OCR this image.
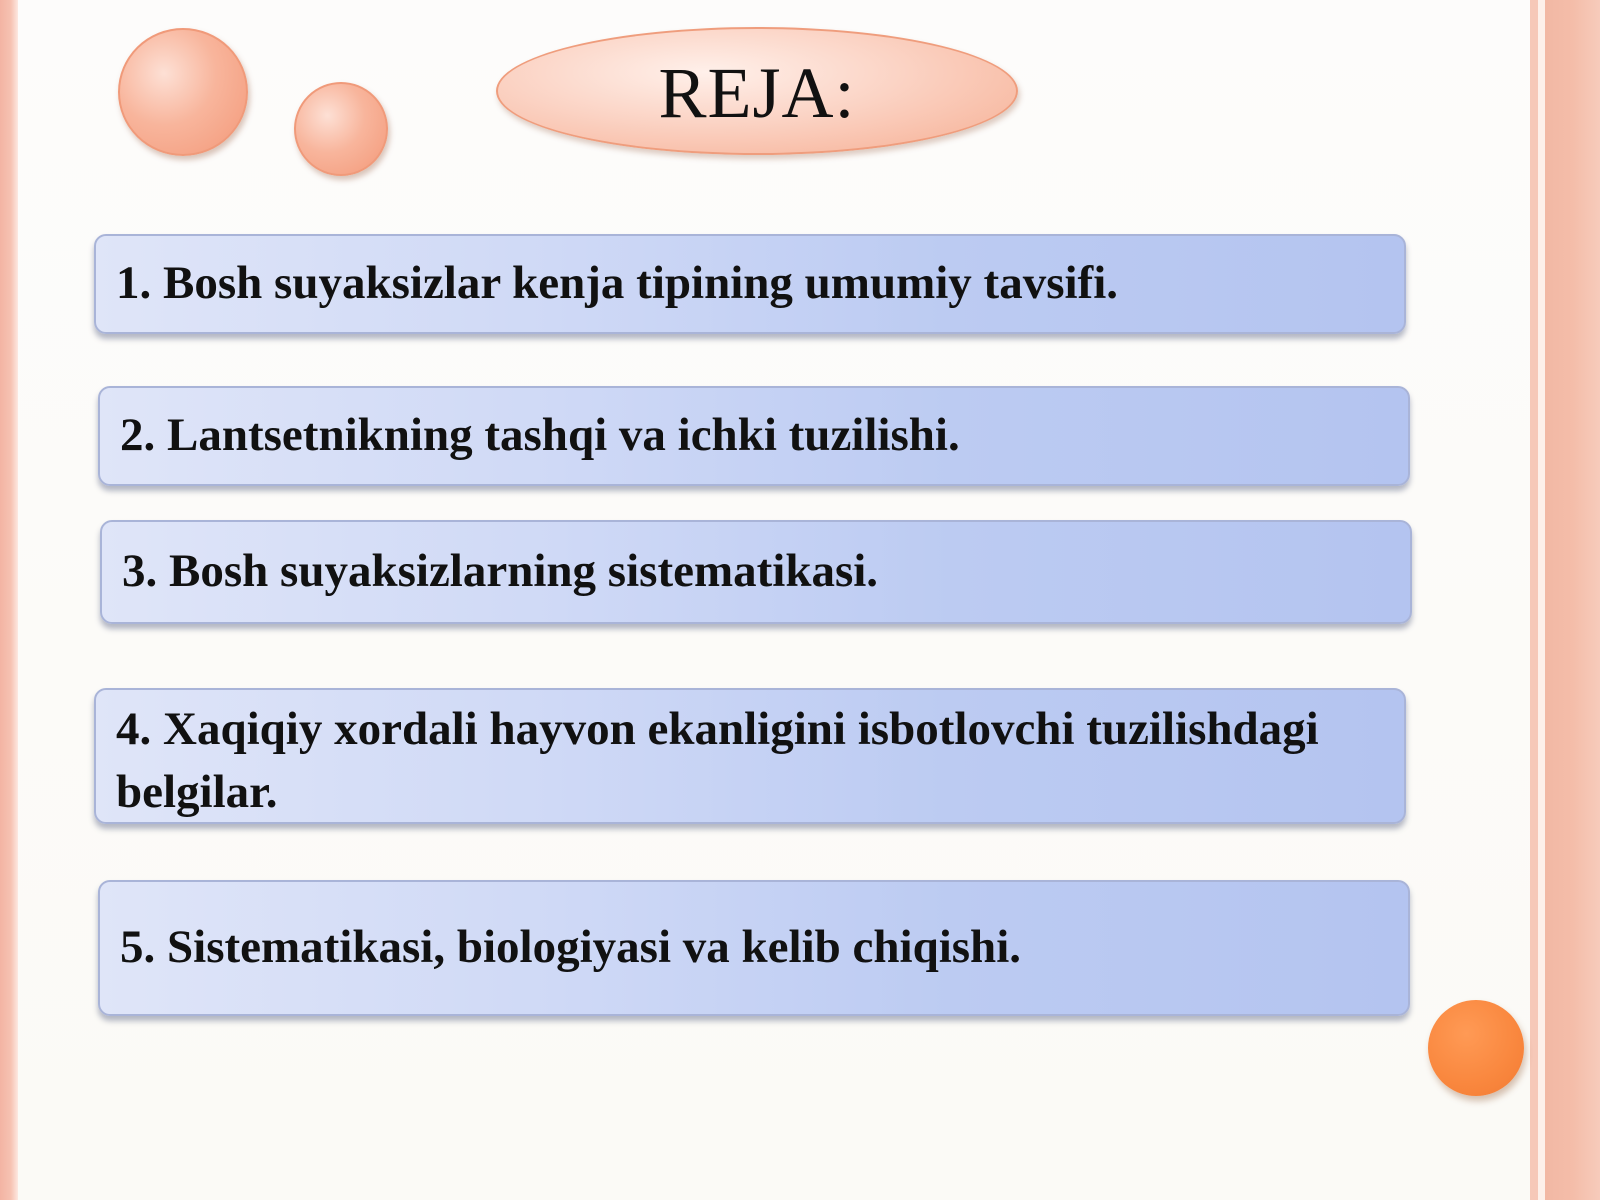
REJA:
1. Bosh suyaksizlar kenja tipining umumiy tavsifi.
2. Lantsetnikning tashqi va ichki tuzilishi.
3. Bosh suyaksizlarning sistematikasi.
4. Xaqiqiy xordali hayvon ekanligini isbotlovchi tuzilishdagi belgilar.
5. Sistematikasi, biologiyasi va kelib chiqishi.
